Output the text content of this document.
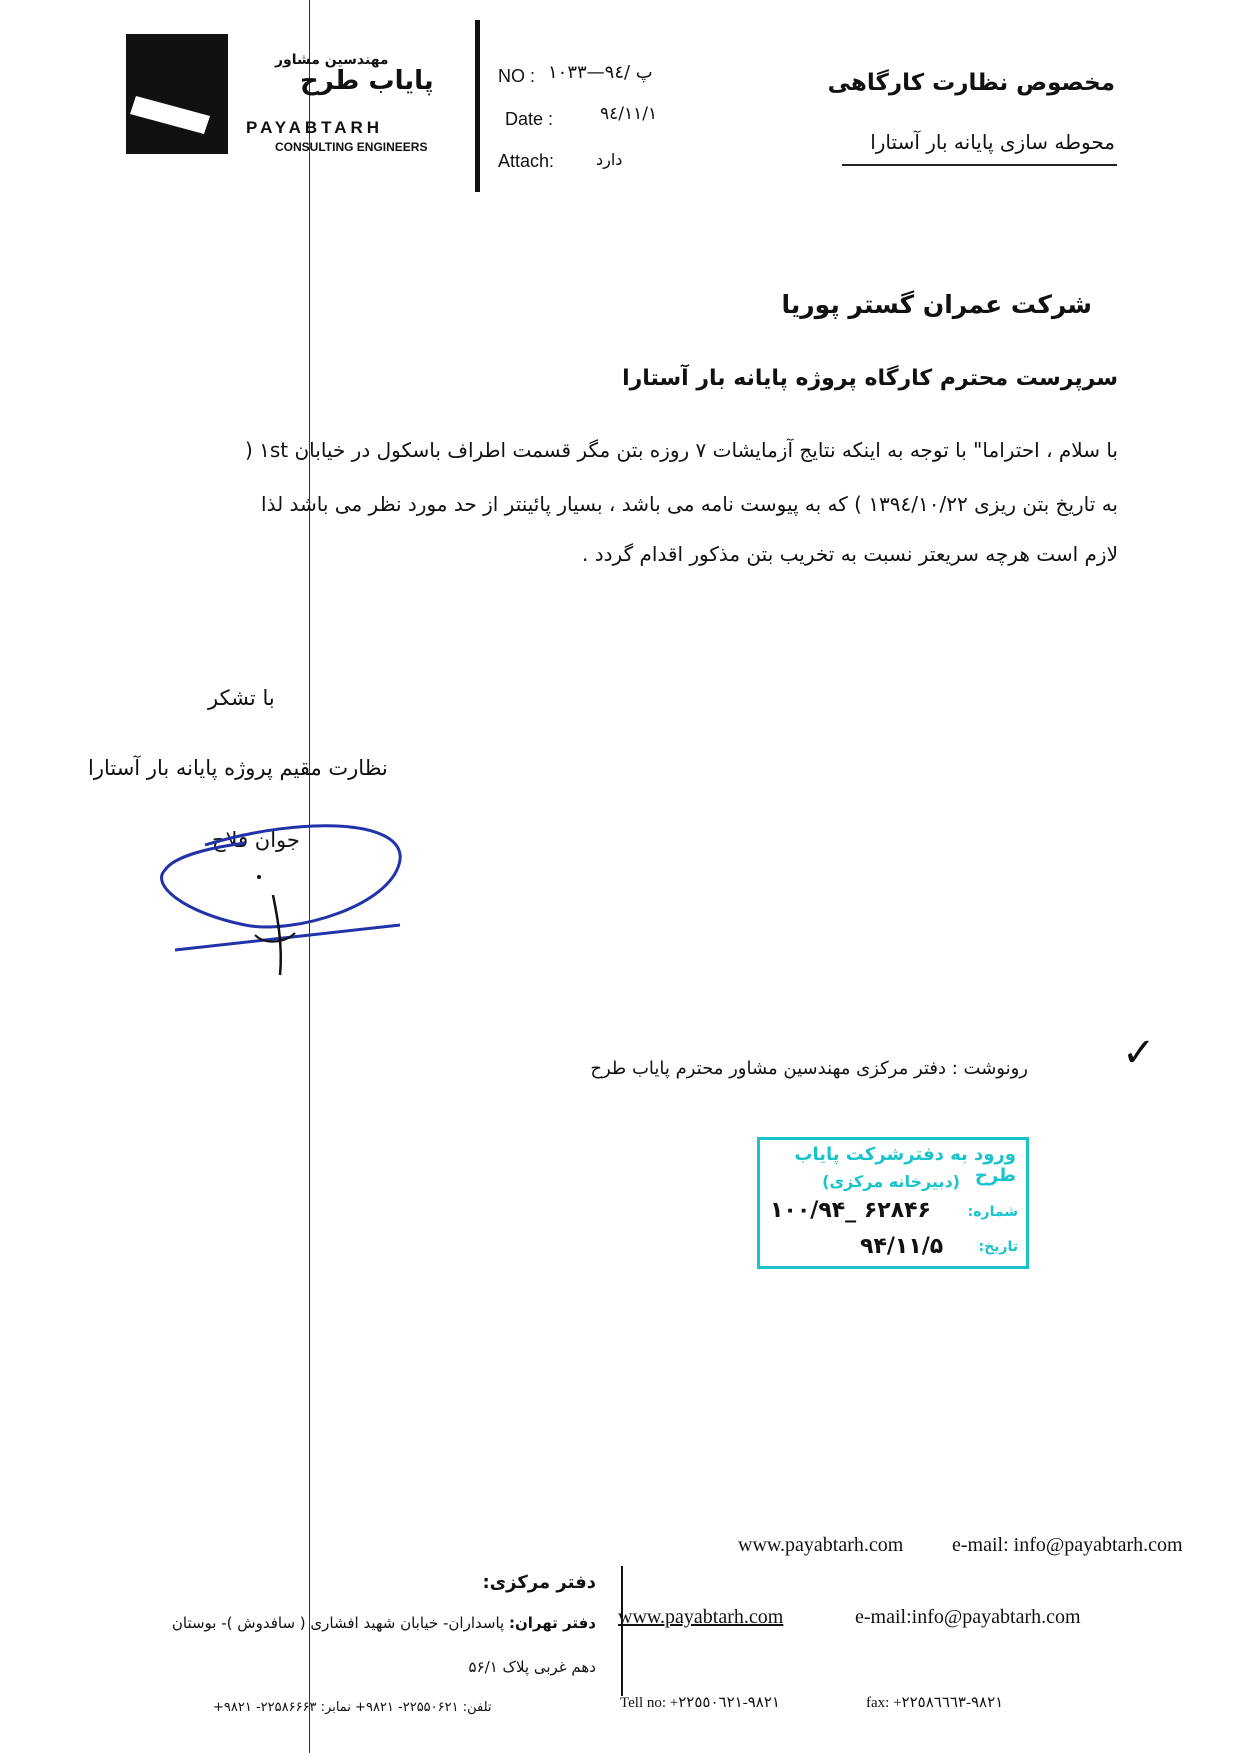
مهندسین مشاور
پایاب طرح
PAYABTARH
CONSULTING ENGINEERS
NO : پ /٩٤—١٠٣٣
Date :	٩٤/١١/١
Attach:	دارد
مخصوص نظارت کارگاهی
محوطه سازی پایانه بار آستارا
شرکت عمران گستر پوریا
سرپرست محترم کارگاه پروژه پایانه بار آستارا
با سلام ، احتراما" با توجه به اینکه نتایج آزمایشات ٧ روزه بتن مگر قسمت اطراف باسکول در خیابان ١st (
به تاریخ بتن ریزی ١٣٩٤/١٠/٢٢ ) که به پیوست نامه می باشد ، بسیار پائینتر از حد مورد نظر می باشد لذا
لازم است هرچه سریعتر نسبت به تخریب بتن مذکور اقدام گردد .
با تشکر
نظارت مقیم پروژه پایانه بار آستارا
جوان فلاح
✓
رونوشت : دفتر مرکزی مهندسین مشاور محترم پایاب طرح
ورود به دفترشرکت پایاب طرح
(دبیرخانه مرکزی)
شماره:
١٠٠/٩۴_ ۶٢٨۴۶
تاریخ:
٩۴/١١/۵
www.payabtarh.com e-mail: info@payabtarh.com
دفتر مرکزی:
دفتر تهران: پاسداران- خیابان شهید افشاری ( سافدوش )- بوستان
دهم غربی پلاک ۵۶/۱
www.payabtarh.com	e-mail:info@payabtarh.com
تلفن: ۲۲۵۵۰۶۲۱- ۹۸۲۱+ نمابر: ۲۲۵۸۶۶۶۳- ۹۸۲۱+	Tell no: +٩٨٢١-٢٢٥٥٠٦٢١	fax: +٩٨٢١-٢٢٥٨٦٦٦٣
